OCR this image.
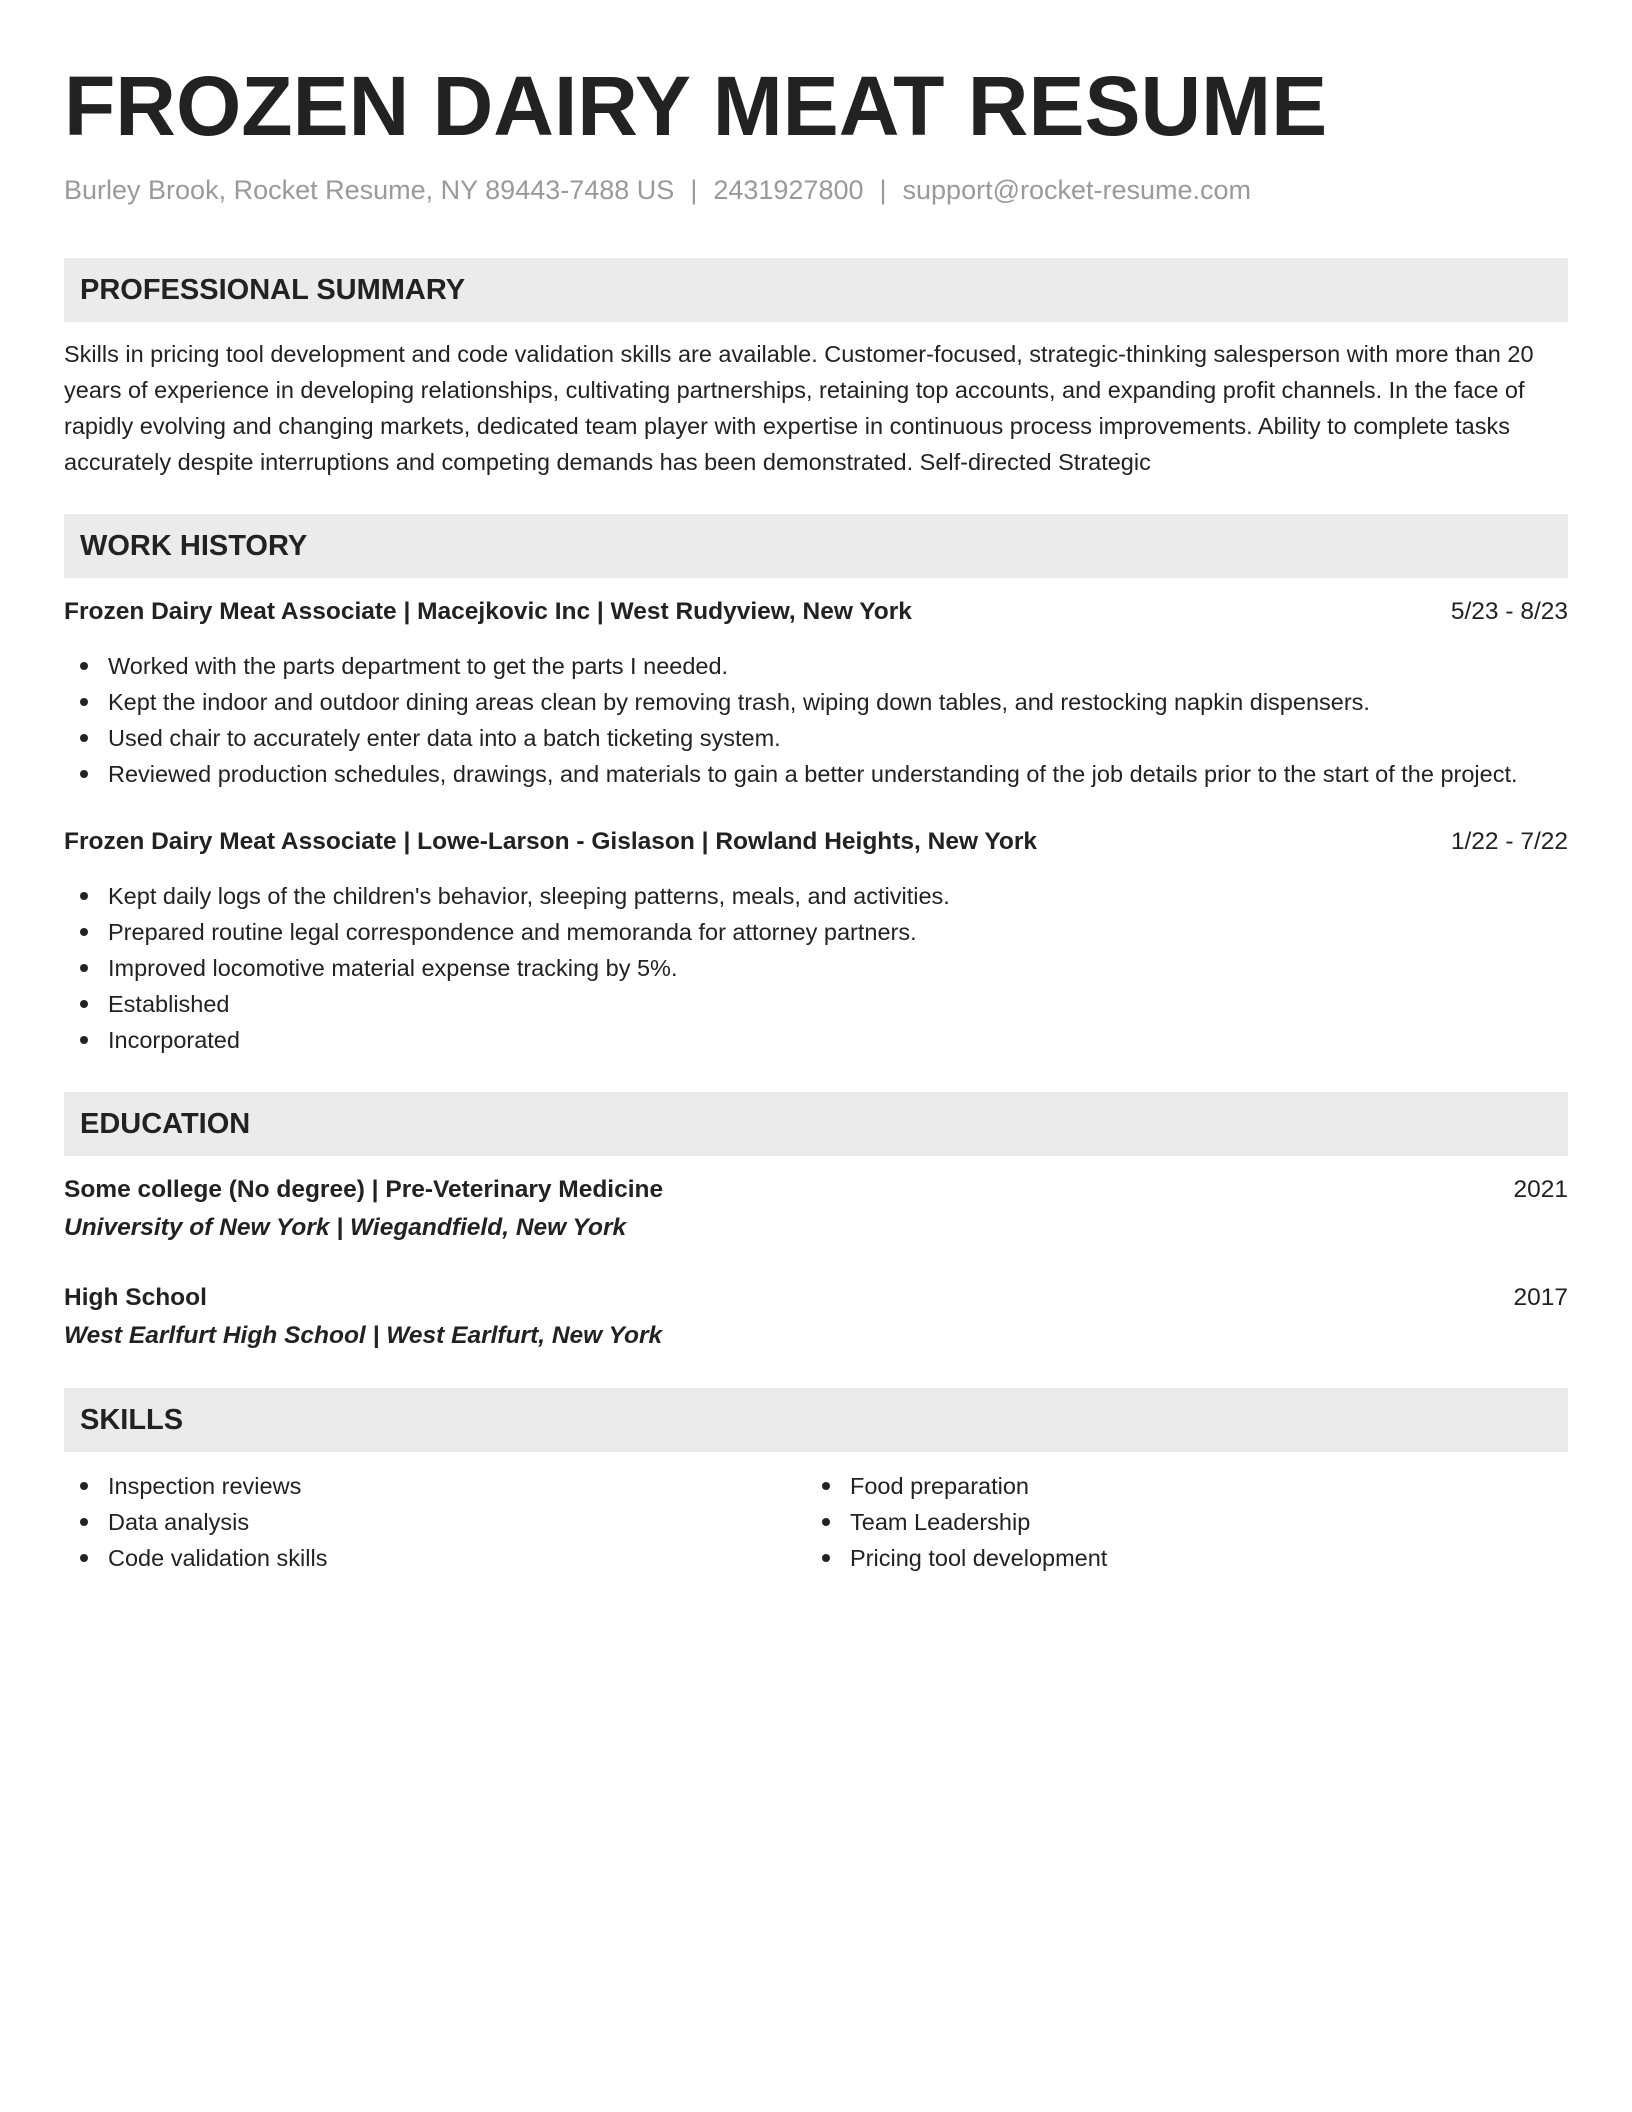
FROZEN DAIRY MEAT RESUME
Burley Brook, Rocket Resume, NY 89443-7488 US | 2431927800 | support@rocket-resume.com
PROFESSIONAL SUMMARY
Skills in pricing tool development and code validation skills are available. Customer-focused, strategic-thinking salesperson with more than 20 years of experience in developing relationships, cultivating partnerships, retaining top accounts, and expanding profit channels. In the face of rapidly evolving and changing markets, dedicated team player with expertise in continuous process improvements. Ability to complete tasks accurately despite interruptions and competing demands has been demonstrated. Self-directed Strategic
WORK HISTORY
Frozen Dairy Meat Associate | Macejkovic Inc | West Rudyview, New York	5/23 - 8/23
Worked with the parts department to get the parts I needed.
Kept the indoor and outdoor dining areas clean by removing trash, wiping down tables, and restocking napkin dispensers.
Used chair to accurately enter data into a batch ticketing system.
Reviewed production schedules, drawings, and materials to gain a better understanding of the job details prior to the start of the project.
Frozen Dairy Meat Associate | Lowe-Larson - Gislason | Rowland Heights, New York	1/22 - 7/22
Kept daily logs of the children's behavior, sleeping patterns, meals, and activities.
Prepared routine legal correspondence and memoranda for attorney partners.
Improved locomotive material expense tracking by 5%.
Established
Incorporated
EDUCATION
Some college (No degree) | Pre-Veterinary Medicine	2021
University of New York | Wiegandfield, New York
High School	2017
West Earlfurt High School | West Earlfurt, New York
SKILLS
Inspection reviews
Data analysis
Code validation skills
Food preparation
Team Leadership
Pricing tool development
